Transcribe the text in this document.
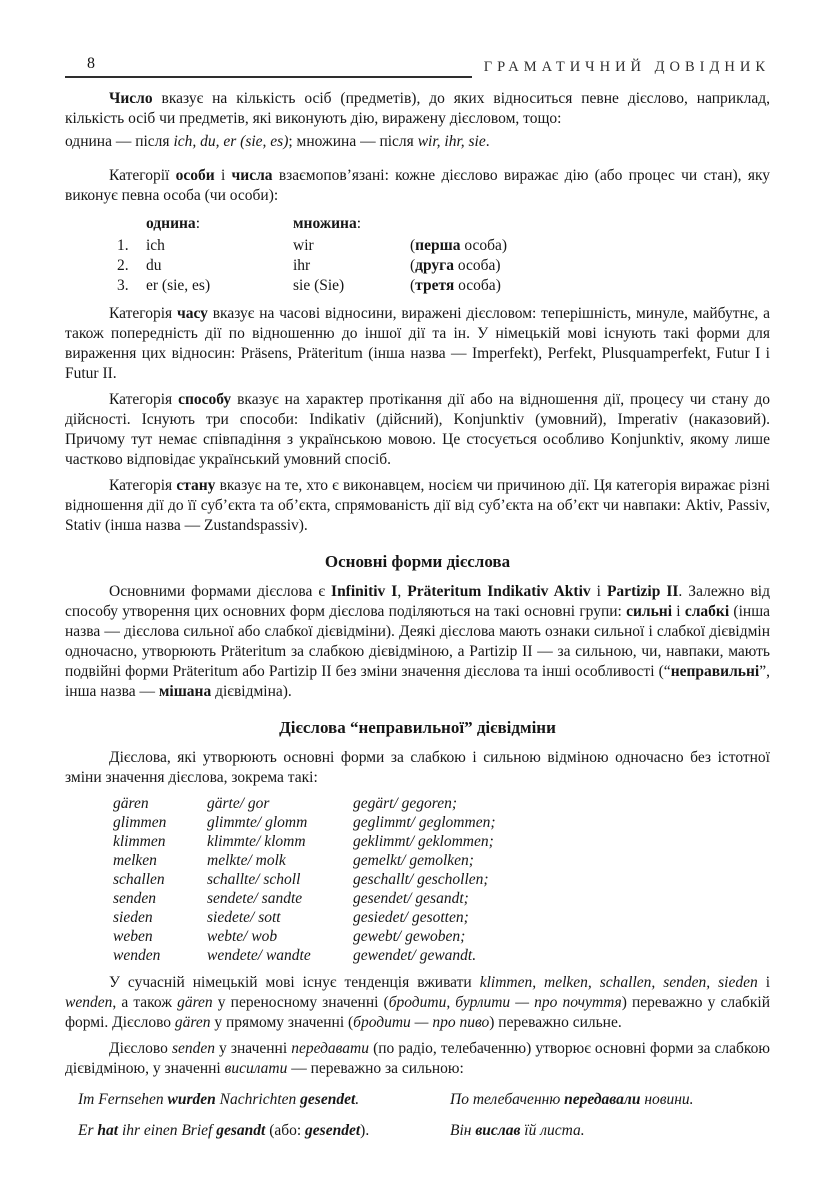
8	ГРАМАТИЧНИЙ ДОВІДНИК

Число вказує на кількість осіб (предметів), до яких відноситься певне дієслово, наприклад, кількість осіб чи предметів, які виконують дію, виражену дієсловом, тощо:

однина — після ich, du, er (sie, es); множина — після wir, ihr, sie.

Категорії особи і числа взаємопов’язані: кожне дієслово виражає дію (або процес чи стан), яку виконує певна особа (чи особи):

однина:	множина:
1.	ich	wir	(перша особа)
2.	du	ihr	(друга особа)
3.	er (sie, es)	sie (Sie)	(третя особа)

Категорія часу вказує на часові відносини, виражені дієсловом: теперішність, минуле, майбутнє, а також попередність дії по відношенню до іншої дії та ін. У німецькій мові існують такі форми для вираження цих відносин: Präsens, Präteritum (інша назва — Imperfekt), Perfekt, Plusquamperfekt, Futur I і Futur II.

Категорія способу вказує на характер протікання дії або на відношення дії, процесу чи стану до дійсності. Існують три способи: Indikativ (дійсний), Konjunktiv (умовний), Imperativ (наказовий). Причому тут немає співпадіння з українською мовою. Це стосується особливо Konjunktiv, якому лише частково відповідає український умовний спосіб.

Категорія стану вказує на те, хто є виконавцем, носієм чи причиною дії. Ця категорія виражає різні відношення дії до її суб’єкта та об’єкта, спрямованість дії від суб’єкта на об’єкт чи навпаки: Aktiv, Passiv, Stativ (інша назва — Zustandspassiv).

Основні форми дієслова

Основними формами дієслова є Infinitiv I, Präteritum Indikativ Aktiv і Partizip II. Залежно від способу утворення цих основних форм дієслова поділяються на такі основні групи: сильні і слабкі (інша назва — дієслова сильної або слабкої дієвідміни). Деякі дієслова мають ознаки сильної і слабкої дієвідмін одночасно, утворюють Präteritum за слабкою дієвідміною, а Partizip II — за сильною, чи, навпаки, мають подвійні форми Präteritum або Partizip II без зміни значення дієслова та інші особливості (“неправильні”, інша назва — мішана дієвідміна).

Дієслова “неправильної” дієвідміни

Дієслова, які утворюють основні форми за слабкою і сильною відміною одночасно без істотної зміни значення дієслова, зокрема такі:

gären	gärte/ gor	gegärt/ gegoren;
glimmen	glimmte/ glomm	geglimmt/ geglommen;
klimmen	klimmte/ klomm	geklimmt/ geklommen;
melken	melkte/ molk	gemelkt/ gemolken;
schallen	schallte/ scholl	geschallt/ geschollen;
senden	sendete/ sandte	gesendet/ gesandt;
sieden	siedete/ sott	gesiedet/ gesotten;
weben	webte/ wob	gewebt/ gewoben;
wenden	wendete/ wandte	gewendet/ gewandt.

У сучасній німецькій мові існує тенденція вживати klimmen, melken, schallen, senden, sieden і wenden, а також gären у переносному значенні (бродити, бурлити — про почуття) переважно у слабкій формі. Дієслово gären у прямому значенні (бродити — про пиво) переважно сильне.

Дієслово senden у значенні передавати (по радіо, телебаченню) утворює основні форми за слабкою дієвідміною, у значенні висилати — переважно за сильною:

Im Fernsehen wurden Nachrichten gesendet.	По телебаченню передавали новини.
Er hat ihr einen Brief gesandt (або: gesendet).	Він вислав їй листа.
